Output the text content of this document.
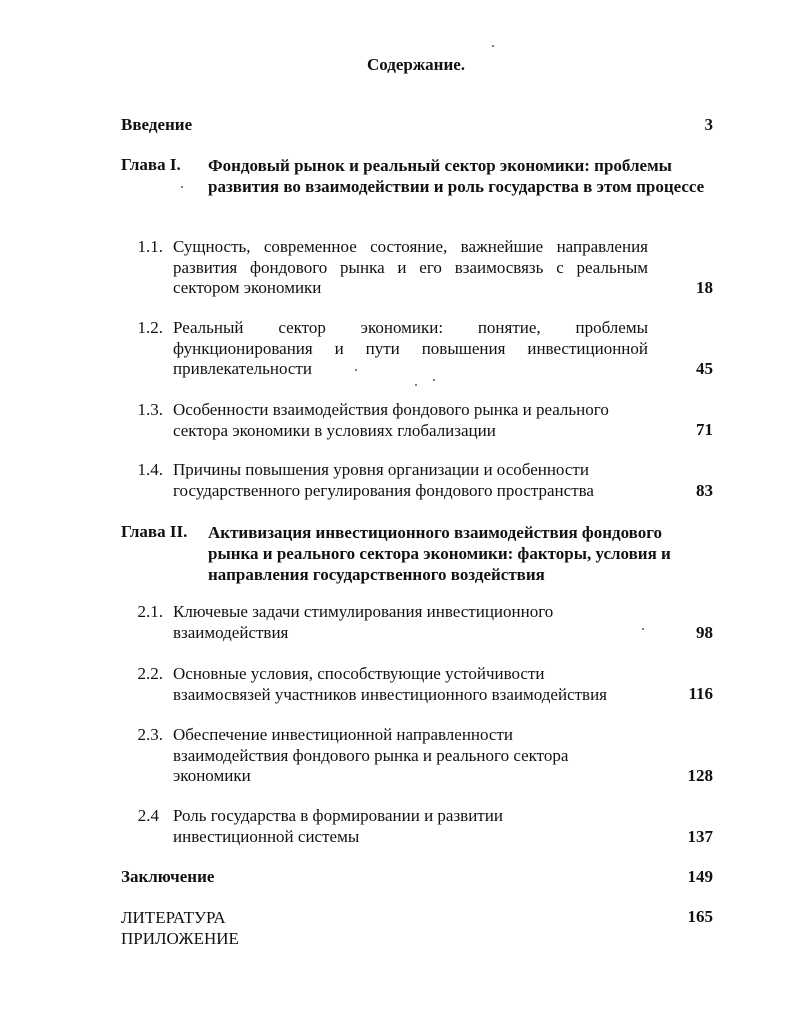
Содержание.
Введение	3
Глава I. Фондовый рынок и реальный сектор экономики: проблемы развития во взаимодействии и роль государства в этом процессе
1.1. Сущность, современное состояние, важнейшие направления развития фондового рынка и его взаимосвязь с реальным сектором экономики	18
1.2. Реальный сектор экономики: понятие, проблемы функционирования и пути повышения инвестиционной привлекательности	45
1.3. Особенности взаимодействия фондового рынка и реального сектора экономики в условиях глобализации	71
1.4. Причины повышения уровня организации и особенности государственного регулирования фондового пространства	83
Глава II. Активизация инвестиционного взаимодействия фондового рынка и реального сектора экономики: факторы, условия и направления государственного воздействия
2.1. Ключевые задачи стимулирования инвестиционного взаимодействия	98
2.2. Основные условия, способствующие устойчивости взаимосвязей участников инвестиционного взаимодействия	116
2.3. Обеспечение инвестиционной направленности взаимодействия фондового рынка и реального сектора экономики	128
2.4 Роль государства в формировании и развитии инвестиционной системы	137
Заключение	149
ЛИТЕРАТУРА	165
ПРИЛОЖЕНИЕ
